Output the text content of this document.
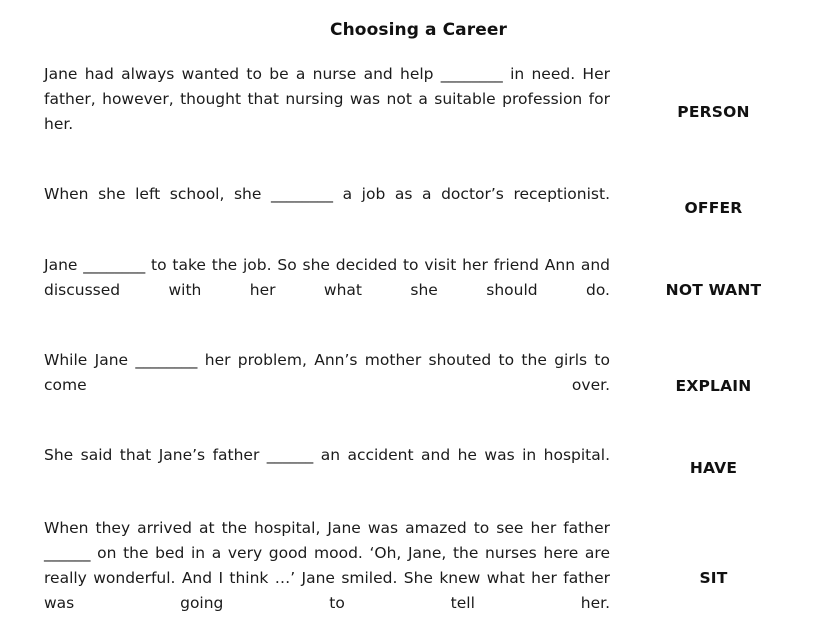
Choosing a Career
Jane had always wanted to be a nurse and help ________ in need. Her father, however, thought that nursing was not a suitable profession for her.
PERSON
When she left school, she ________ a job as a doctor’s receptionist.
OFFER
Jane ________ to take the job. So she decided to visit her friend Ann and discussed with her what she should do.	NOT WANT
While Jane ________ her problem, Ann’s mother shouted to the girls to come over.	EXPLAIN
She said that Jane’s father ______ an accident and he was in hospital.
HAVE
When they arrived at the hospital, Jane was amazed to see her father ______ on the bed in a very good mood. ‘Oh, Jane, the nurses here are really wonderful. And I think …’ Jane smiled. She knew what her father was going to tell her.
SIT
